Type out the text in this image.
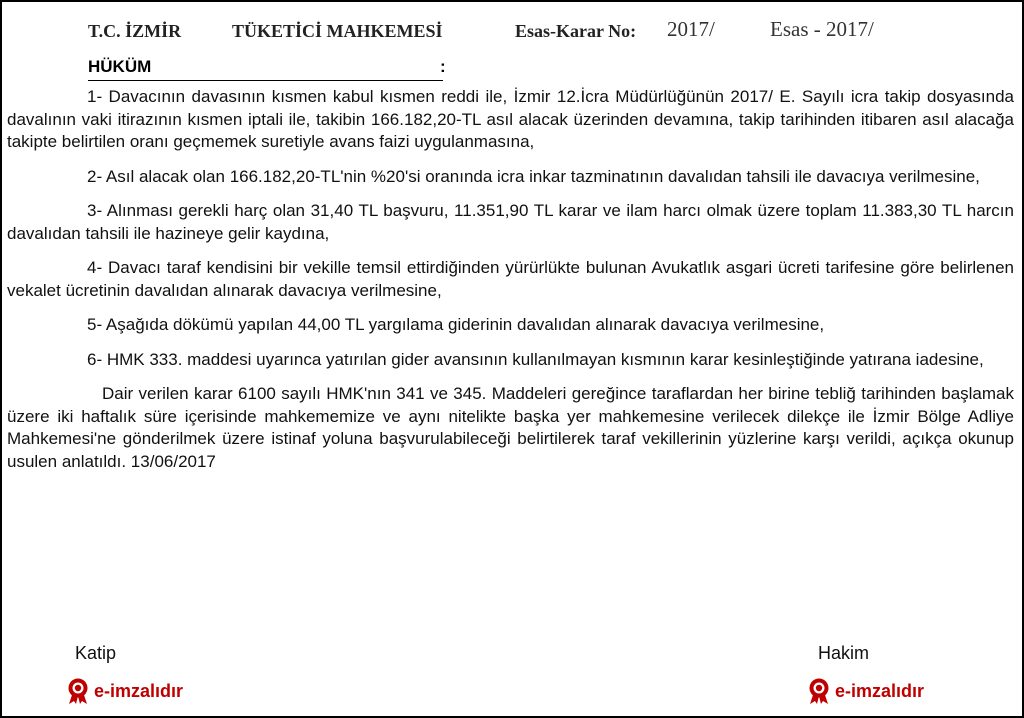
T.C. İZMİR	TÜKETİCİ MAHKEMESİ	Esas-Karar No: 2017/	Esas - 2017/
HÜKÜM	:

1- Davacının davasının kısmen kabul kısmen reddi ile, İzmir 12.İcra Müdürlüğünün 2017/ E. Sayılı icra takip dosyasında davalının vaki itirazının kısmen iptali ile, takibin 166.182,20-TL asıl alacak üzerinden devamına, takip tarihinden itibaren asıl alacağa takipte belirtilen oranı geçmemek suretiyle avans faizi uygulanmasına,

2- Asıl alacak olan 166.182,20-TL'nin %20'si oranında icra inkar tazminatının davalıdan tahsili ile davacıya verilmesine,

3- Alınması gerekli harç olan 31,40 TL başvuru, 11.351,90 TL karar ve ilam harcı olmak üzere toplam 11.383,30 TL harcın davalıdan tahsili ile hazineye gelir kaydına,

4- Davacı taraf kendisini bir vekille temsil ettirdiğinden yürürlükte bulunan Avukatlık asgari ücreti tarifesine göre belirlenen vekalet ücretinin davalıdan alınarak davacıya verilmesine,

5- Aşağıda dökümü yapılan 44,00 TL yargılama giderinin davalıdan alınarak davacıya verilmesine,

6- HMK 333. maddesi uyarınca yatırılan gider avansının kullanılmayan kısmının karar kesinleştiğinde yatırana iadesine,

Dair verilen karar 6100 sayılı HMK'nın 341 ve 345. Maddeleri gereğince taraflardan her birine tebliğ tarihinden başlamak üzere iki haftalık süre içerisinde mahkememize ve aynı nitelikte başka yer mahkemesine verilecek dilekçe ile İzmir Bölge Adliye Mahkemesi'ne gönderilmek üzere istinaf yoluna başvurulabileceği belirtilerek taraf vekillerinin yüzlerine karşı verildi, açıkça okunup usulen anlatıldı. 13/06/2017

Katip	Hakim
e-imzalıdır	e-imzalıdır
